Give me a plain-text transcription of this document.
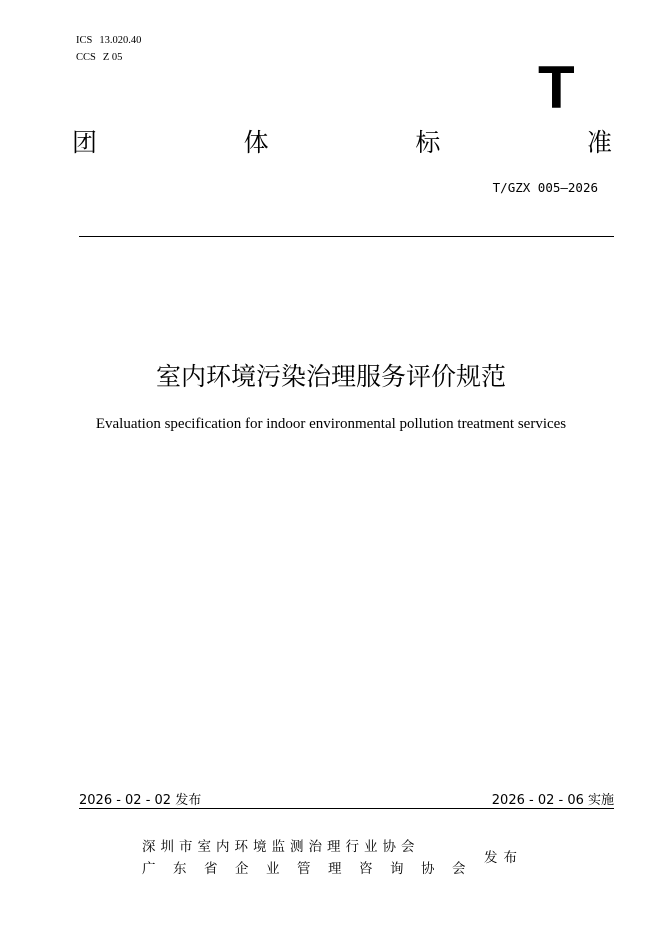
ICS 13.020.40
CCS Z 05	T
团	体	标	准
T/GZX 005—2026
室内环境污染治理服务评价规范
Evaluation specification for indoor environmental pollution treatment services
2026 - 02 - 02 发布	2026 - 02 - 06 实施
深圳市室内环境监测治理行业协会
广东省企业管理咨询协会
发布
